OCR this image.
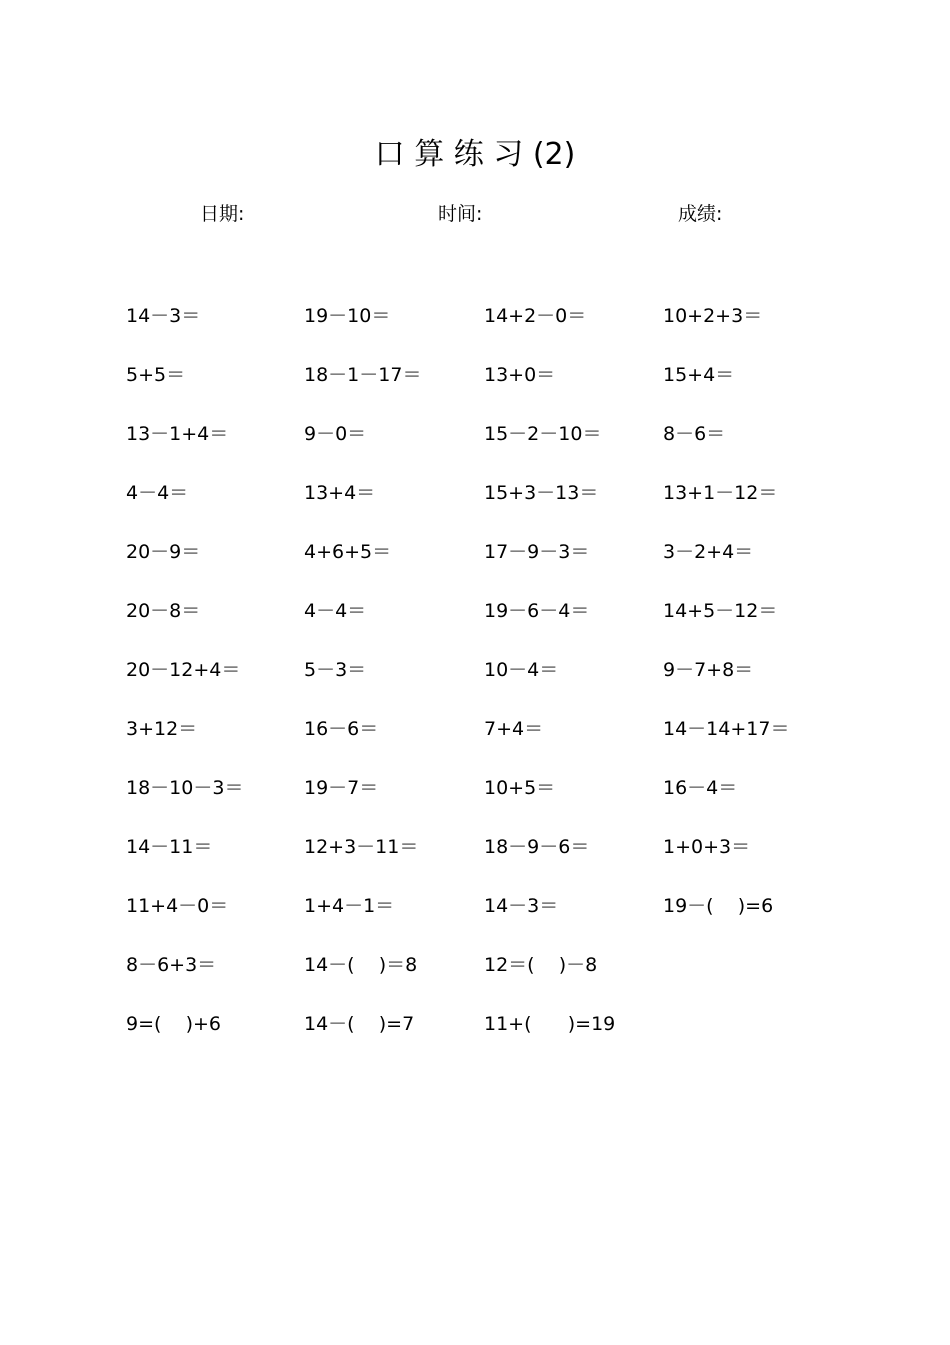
口 算 练 习 (2)
日期:	时间:	成绩:
14－3＝	19－10＝	14+2－0＝	10+2+3＝
5+5＝	18－1－17＝	13+0＝	15+4＝
13－1+4＝	9－0＝	15－2－10＝	8－6＝
4－4＝	13+4＝	15+3－13＝	13+1－12＝
20－9＝	4+6+5＝	17－9－3＝	3－2+4＝
20－8＝	4－4＝	19－6－4＝	14+5－12＝
20－12+4＝	5－3＝	10－4＝	9－7+8＝
3+12＝	16－6＝	7+4＝	14－14+17＝
18－10－3＝	19－7＝	10+5＝	16－4＝
14－11＝	12+3－11＝	18－9－6＝	1+0+3＝
11+4－0＝	1+4－1＝	14－3＝	19－(    )=6
8－6+3＝	14－(    )＝8	12＝(    )－8
9=(    )+6	14－(    )=7	11+(      )=19
